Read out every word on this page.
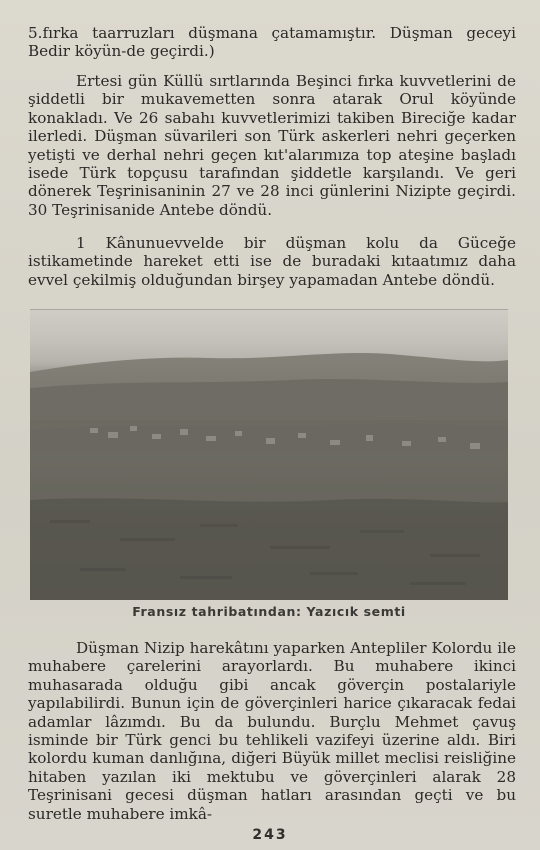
5.fırka taarruzları düşmana çatamamıştır. Düşman geceyi Bedir köyün-de geçirdi.)

Ertesi gün Küllü sırtlarında Beşinci fırka kuvvetlerini de şiddetli bir mukavemetten sonra atarak Orul köyünde konakladı. Ve 26 sabahı kuvvetlerimizi takiben Bireciğe kadar ilerledi. Düşman süvarileri son Türk askerleri nehri geçerken yetişti ve derhal nehri geçen kıt'alarımıza top ateşine başladı isede Türk topçusu tarafından şiddetle karşılandı. Ve geri dönerek Teşrinisaninin 27 ve 28 inci günlerini Nizipte geçirdi. 30 Teşrinisanide Antebe döndü.

1 Kânunuevvelde bir düşman kolu da Güceğe istikametinde hareket etti ise de buradaki kıtaatımız daha evvel çekilmiş olduğundan birşey yapamadan Antebe döndü.

Fransız tahribatından: Yazıcık semti

Düşman Nizip harekâtını yaparken Antepliler Kolordu ile muhabere çarelerini arayorlardı. Bu muhabere ikinci muhasarada olduğu gibi ancak göverçin postalariyle yapılabilirdi. Bunun için de göverçinleri harice çıkaracak fedai adamlar lâzımdı. Bu da bulundu. Burçlu Mehmet çavuş isminde bir Türk genci bu tehlikeli vazifeyi üzerine aldı. Biri kolordu kuman danlığına, diğeri Büyük millet meclisi reisliğine hitaben yazılan iki mektubu ve göverçinleri alarak 28 Teşrinisani gecesi düşman hatları arasından geçti ve bu suretle muhabere imkâ-

243
